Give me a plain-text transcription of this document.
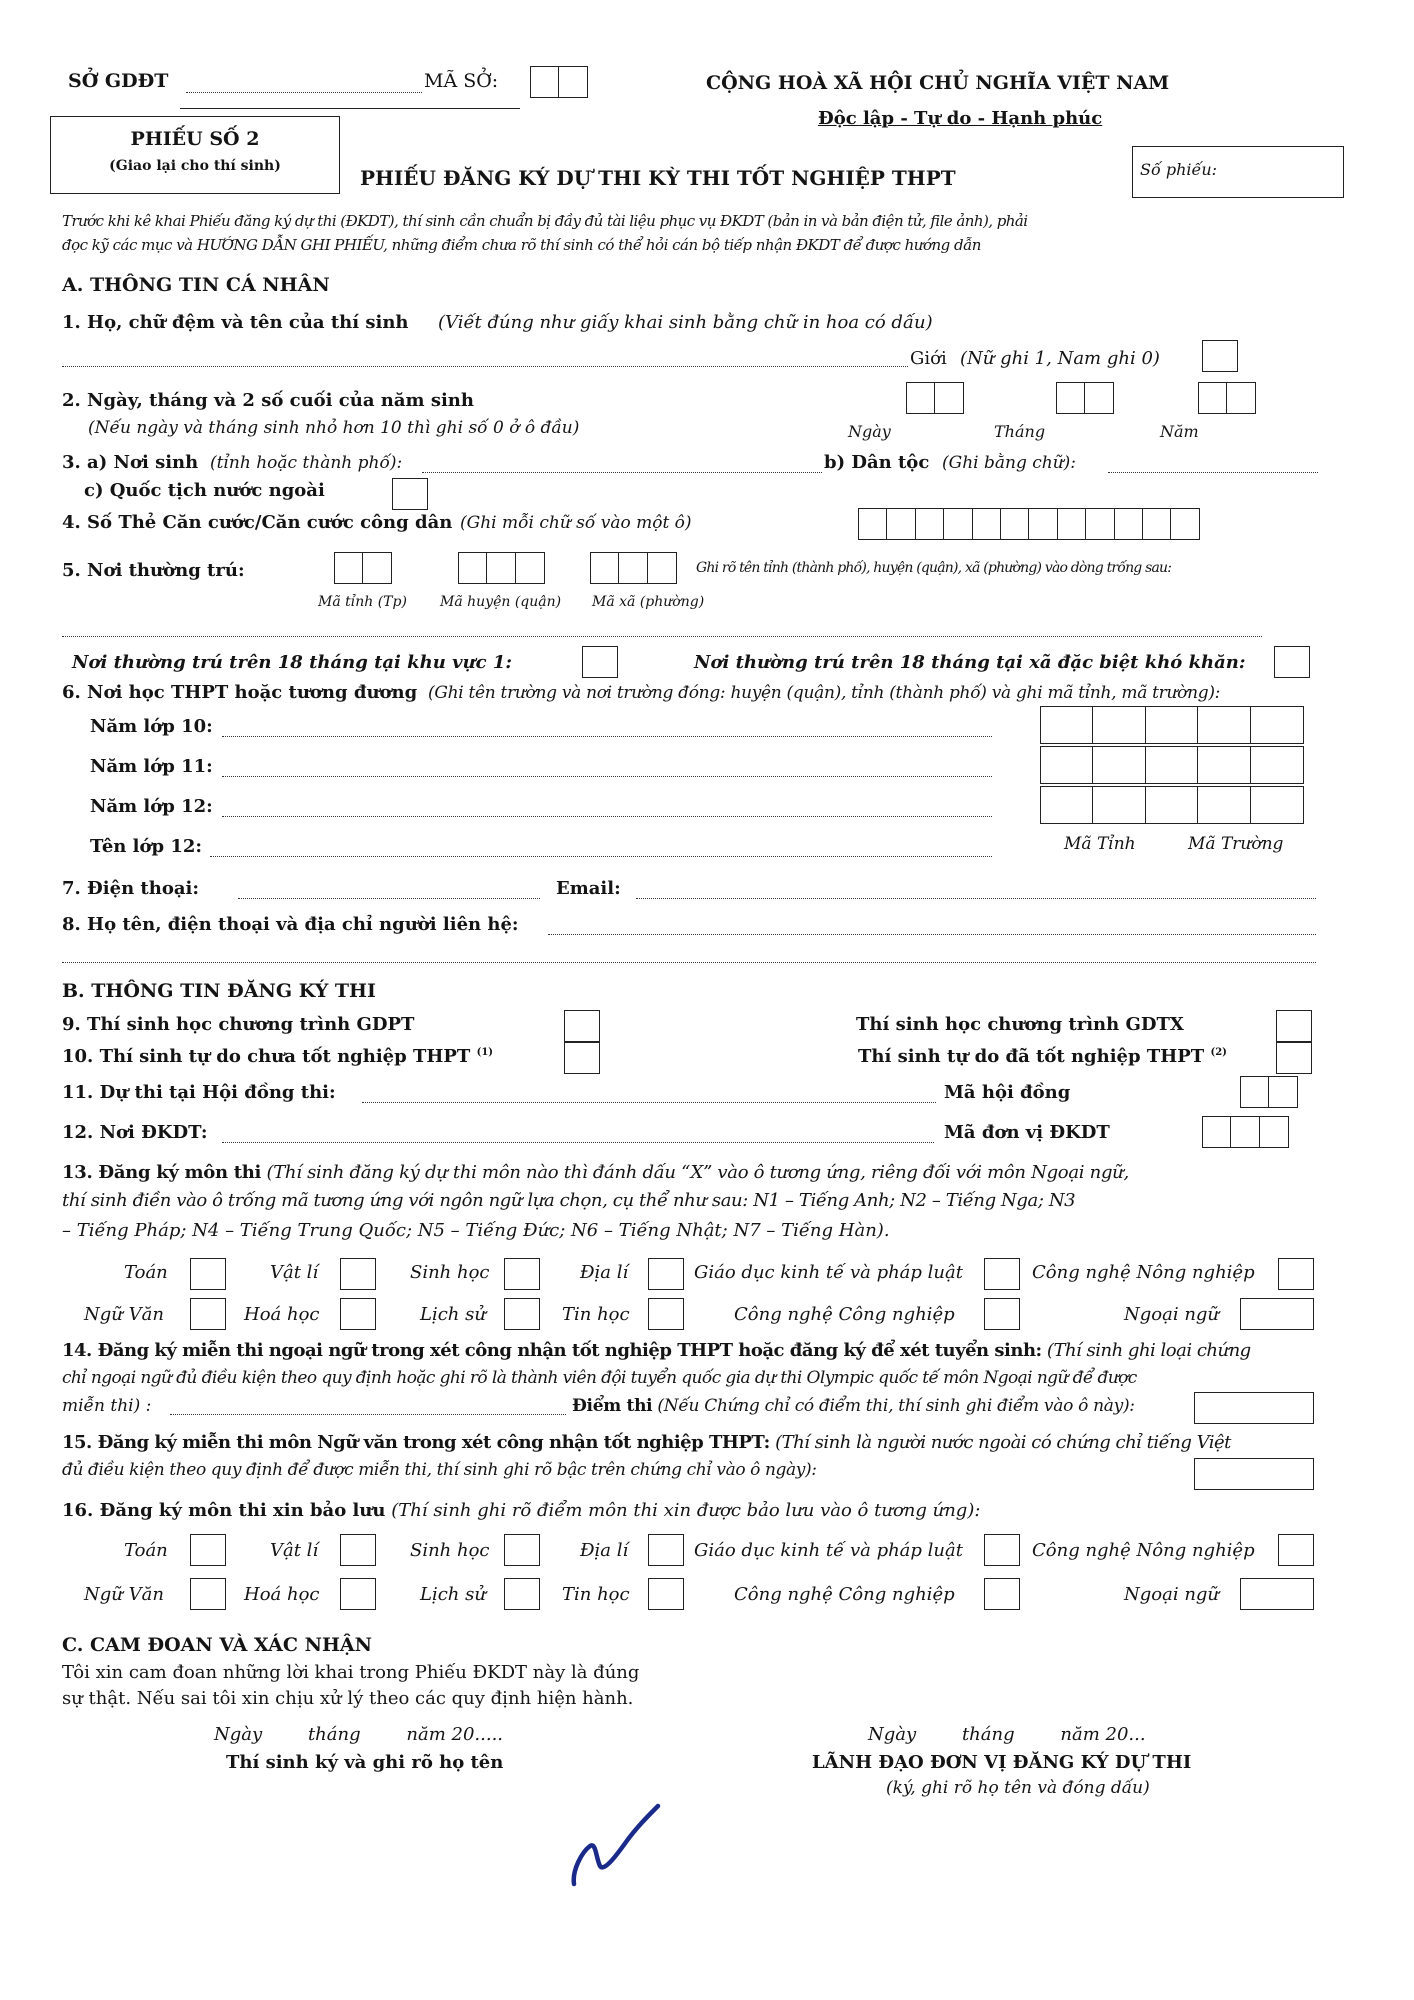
SỞ GDĐT	MÃ SỞ:	CỘNG HOÀ XÃ HỘI CHỦ NGHĨA VIỆT NAM
Độc lập - Tự do - Hạnh phúc
PHIẾU SỐ 2
(Giao lại cho thí sinh)	PHIẾU ĐĂNG KÝ DỰ THI KỲ THI TỐT NGHIỆP THPT	Số phiếu:
Trước khi kê khai Phiếu đăng ký dự thi (ĐKDT), thí sinh cần chuẩn bị đầy đủ tài liệu phục vụ ĐKDT (bản in và bản điện tử, file ảnh), phải
đọc kỹ các mục và HƯỚNG DẪN GHI PHIẾU, những điểm chưa rõ thí sinh có thể hỏi cán bộ tiếp nhận ĐKDT để được hướng dẫn
A. THÔNG TIN CÁ NHÂN
1. Họ, chữ đệm và tên của thí sinh (Viết đúng như giấy khai sinh bằng chữ in hoa có dấu)
Giới (Nữ ghi 1, Nam ghi 0)
2. Ngày, tháng và 2 số cuối của năm sinh
(Nếu ngày và tháng sinh nhỏ hơn 10 thì ghi số 0 ở ô đầu)	Ngày	Tháng	Năm
3. a) Nơi sinh (tỉnh hoặc thành phố):	b) Dân tộc (Ghi bằng chữ):
c) Quốc tịch nước ngoài
4. Số Thẻ Căn cước/Căn cước công dân (Ghi mỗi chữ số vào một ô)
5. Nơi thường trú:	Ghi rõ tên tỉnh (thành phố), huyện (quận), xã (phường) vào dòng trống sau:
Mã tỉnh (Tp) Mã huyện (quận) Mã xã (phường)
Nơi thường trú trên 18 tháng tại khu vực 1:	Nơi thường trú trên 18 tháng tại xã đặc biệt khó khăn:
6. Nơi học THPT hoặc tương đương (Ghi tên trường và nơi trường đóng: huyện (quận), tỉnh (thành phố) và ghi mã tỉnh, mã trường):
Năm lớp 10:
Năm lớp 11:
Năm lớp 12:
Tên lớp 12:	Mã Tỉnh	Mã Trường
7. Điện thoại:	Email:
8. Họ tên, điện thoại và địa chỉ người liên hệ:
B. THÔNG TIN ĐĂNG KÝ THI
9. Thí sinh học chương trình GDPT	Thí sinh học chương trình GDTX
10. Thí sinh tự do chưa tốt nghiệp THPT $^{(1)}$	Thí sinh tự do đã tốt nghiệp THPT $^{(2)}$
11. Dự thi tại Hội đồng thi:	Mã hội đồng
12. Nơi ĐKDT:	Mã đơn vị ĐKDT
13. Đăng ký môn thi (Thí sinh đăng ký dự thi môn nào thì đánh dấu “X” vào ô tương ứng, riêng đối với môn Ngoại ngữ,
thí sinh điền vào ô trống mã tương ứng với ngôn ngữ lựa chọn, cụ thể như sau: N1 – Tiếng Anh; N2 – Tiếng Nga; N3
– Tiếng Pháp; N4 – Tiếng Trung Quốc; N5 – Tiếng Đức; N6 – Tiếng Nhật; N7 – Tiếng Hàn).
Toán	Vật lí	Sinh học	Địa lí	Giáo dục kinh tế và pháp luật	Công nghệ Nông nghiệp
Ngữ Văn	Hoá học	Lịch sử	Tin học	Công nghệ Công nghiệp	Ngoại ngữ
14. Đăng ký miễn thi ngoại ngữ trong xét công nhận tốt nghiệp THPT hoặc đăng ký để xét tuyển sinh: (Thí sinh ghi loại chứng
chỉ ngoại ngữ đủ điều kiện theo quy định hoặc ghi rõ là thành viên đội tuyển quốc gia dự thi Olympic quốc tế môn Ngoại ngữ để được
miễn thi) :	Điểm thi (Nếu Chứng chỉ có điểm thi, thí sinh ghi điểm vào ô này):
15. Đăng ký miễn thi môn Ngữ văn trong xét công nhận tốt nghiệp THPT: (Thí sinh là người nước ngoài có chứng chỉ tiếng Việt
đủ điều kiện theo quy định để được miễn thi, thí sinh ghi rõ bậc trên chứng chỉ vào ô ngày):
16. Đăng ký môn thi xin bảo lưu (Thí sinh ghi rõ điểm môn thi xin được bảo lưu vào ô tương ứng):
Toán	Vật lí	Sinh học	Địa lí	Giáo dục kinh tế và pháp luật	Công nghệ Nông nghiệp
Ngữ Văn	Hoá học	Lịch sử	Tin học	Công nghệ Công nghiệp	Ngoại ngữ
C. CAM ĐOAN VÀ XÁC NHẬN
Tôi xin cam đoan những lời khai trong Phiếu ĐKDT này là đúng
sự thật. Nếu sai tôi xin chịu xử lý theo các quy định hiện hành.
Ngày        tháng        năm 20.....
Thí sinh ký và ghi rõ họ tên
Ngày        tháng        năm 20...
LÃNH ĐẠO ĐƠN VỊ ĐĂNG KÝ DỰ THI
(ký, ghi rõ họ tên và đóng dấu)
